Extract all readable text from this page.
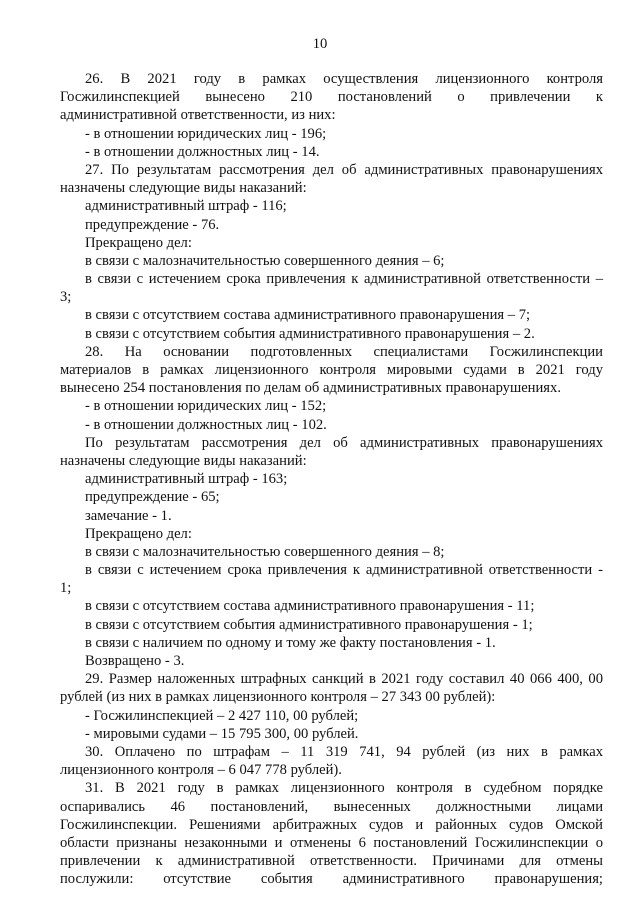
10
26. В 2021 году в рамках осуществления лицензионного контроля
Госжилинспекцией вынесено 210 постановлений о привлечении к
административной ответственности, из них:
- в отношении юридических лиц - 196;
- в отношении должностных лиц - 14.
27. По результатам рассмотрения дел об административных правонарушениях
назначены следующие виды наказаний:
административный штраф - 116;
предупреждение - 76.
Прекращено дел:
в связи с малозначительностью совершенного деяния – 6;
в связи с истечением срока привлечения к административной ответственности –
3;
в связи с отсутствием состава административного правонарушения – 7;
в связи с отсутствием события административного правонарушения – 2.
28. На основании подготовленных специалистами Госжилинспекции
материалов в рамках лицензионного контроля мировыми судами в 2021 году
вынесено 254 постановления по делам об административных правонарушениях.
- в отношении юридических лиц - 152;
- в отношении должностных лиц - 102.
По результатам рассмотрения дел об административных правонарушениях
назначены следующие виды наказаний:
административный штраф - 163;
предупреждение - 65;
замечание - 1.
Прекращено дел:
в связи с малозначительностью совершенного деяния – 8;
в связи с истечением срока привлечения к административной ответственности -
1;
в связи с отсутствием состава административного правонарушения - 11;
в связи с отсутствием события административного правонарушения - 1;
в связи с наличием по одному и тому же факту постановления - 1.
Возвращено - 3.
29. Размер наложенных штрафных санкций в 2021 году составил 40 066 400, 00
рублей (из них в рамках лицензионного контроля – 27 343 00 рублей):
- Госжилинспекцией – 2 427 110, 00 рублей;
- мировыми судами – 15 795 300, 00 рублей.
30. Оплачено по штрафам – 11 319 741, 94 рублей (из них в рамках
лицензионного контроля – 6 047 778 рублей).
31. В 2021 году в рамках лицензионного контроля в судебном порядке
оспаривались 46 постановлений, вынесенных должностными лицами
Госжилинспекции. Решениями арбитражных судов и районных судов Омской
области признаны незаконными и отменены 6 постановлений Госжилинспекции о
привлечении к административной ответственности. Причинами для отмены
послужили: отсутствие события административного правонарушения;
